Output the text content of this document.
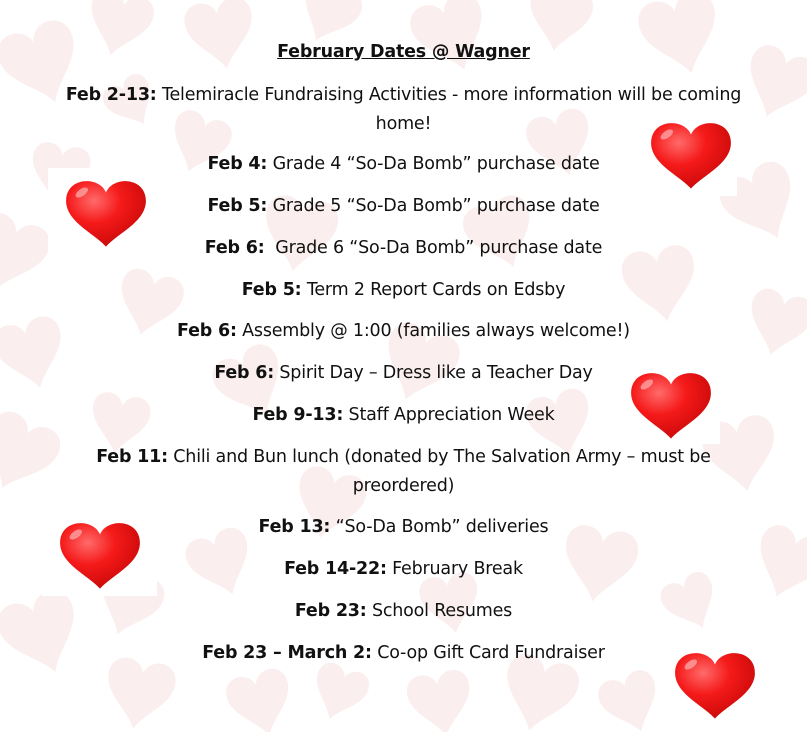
February Dates @ Wagner
Feb 2-13: Telemiracle Fundraising Activities - more information will be coming
home!
Feb 4: Grade 4 “So-Da Bomb” purchase date
Feb 5: Grade 5 “So-Da Bomb” purchase date
Feb 6:  Grade 6 “So-Da Bomb” purchase date
Feb 5: Term 2 Report Cards on Edsby
Feb 6: Assembly @ 1:00 (families always welcome!)
Feb 6: Spirit Day – Dress like a Teacher Day
Feb 9-13: Staff Appreciation Week
Feb 11: Chili and Bun lunch (donated by The Salvation Army – must be
preordered)
Feb 13: “So-Da Bomb” deliveries
Feb 14-22: February Break
Feb 23: School Resumes
Feb 23 – March 2: Co-op Gift Card Fundraiser
